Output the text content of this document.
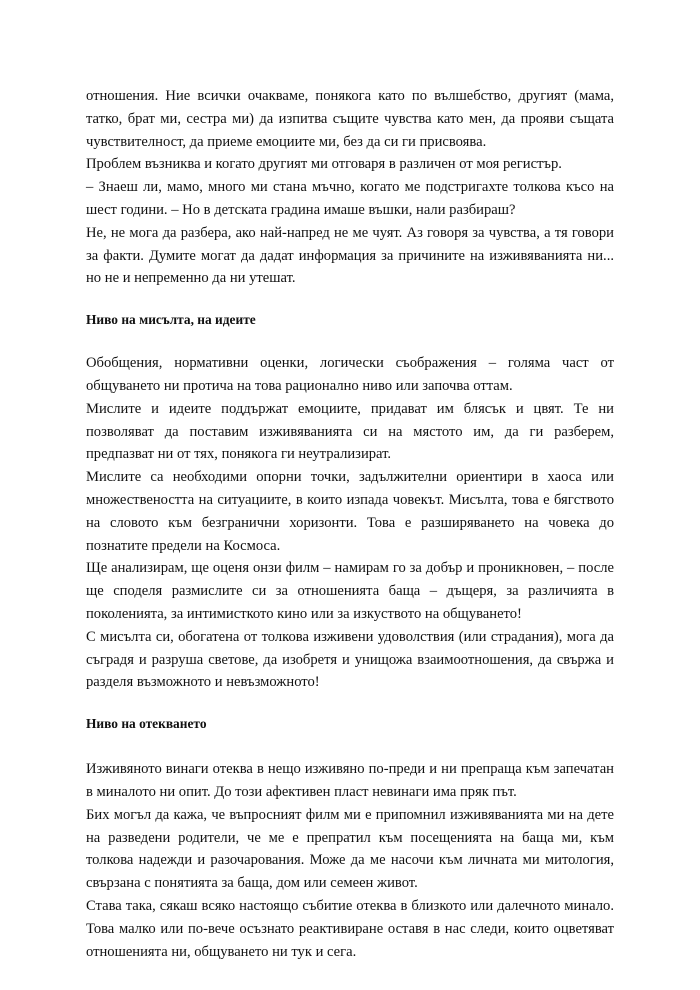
отношения. Ние всички очакваме, понякога като по вълшебство, другият (мама, татко, брат ми, сестра ми) да изпитва същите чувства като мен, да прояви същата чувствителност, да приеме емоциите ми, без да си ги присвоява.

Проблем възниква и когато другият ми отговаря в различен от моя регистър.

– Знаеш ли, мамо, много ми стана мъчно, когато ме подстригахте толкова късо на шест години. – Но в детската градина имаше въшки, нали разбираш?

Не, не мога да разбера, ако най-напред не ме чуят. Аз говоря за чувства, а тя говори за факти. Думите могат да дадат информация за причините на изживяванията ни... но не и непременно да ни утешат.

Ниво на мисълта, на идеите

Обобщения, нормативни оценки, логически съображения – голяма част от общуването ни протича на това рационално ниво или започва оттам.

Мислите и идеите поддържат емоциите, придават им блясък и цвят. Те ни позволяват да поставим изживяванията си на мястото им, да ги разберем, предпазват ни от тях, понякога ги неутрализират.

Мислите са необходими опорни точки, задължителни ориентири в хаоса или множествеността на ситуациите, в които изпада човекът. Мисълта, това е бягството на словото към безгранични хоризонти. Това е разширяването на човека до познатите предели на Космоса.

Ще анализирам, ще оценя онзи филм – намирам го за добър и проникновен, – после ще споделя размислите си за отношенията баща – дъщеря, за различията в поколенията, за интимисткото кино или за изкуството на общуването!

С мисълта си, обогатена от толкова изживени удоволствия (или страдания), мога да съградя и разруша светове, да изобретя и унищожа взаимоотношения, да свържа и разделя възможното и невъзможното!

Ниво на отекването

Изживяното винаги отеква в нещо изживяно по-преди и ни препраща към запечатан в миналото ни опит. До този афективен пласт невинаги има пряк път.

Бих могъл да кажа, че въпросният филм ми е припомнил изживяванията ми на дете на разведени родители, че ме е препратил към посещенията на баща ми, към толкова надежди и разочарования. Може да ме насочи към личната ми митология, свързана с понятията за баща, дом или семеен живот.

Става така, сякаш всяко настоящо събитие отеква в близкото или далечното минало. Това малко или по-вече осъзнато реактивиране оставя в нас следи, които оцветяват отношенията ни, общуването ни тук и сега.
